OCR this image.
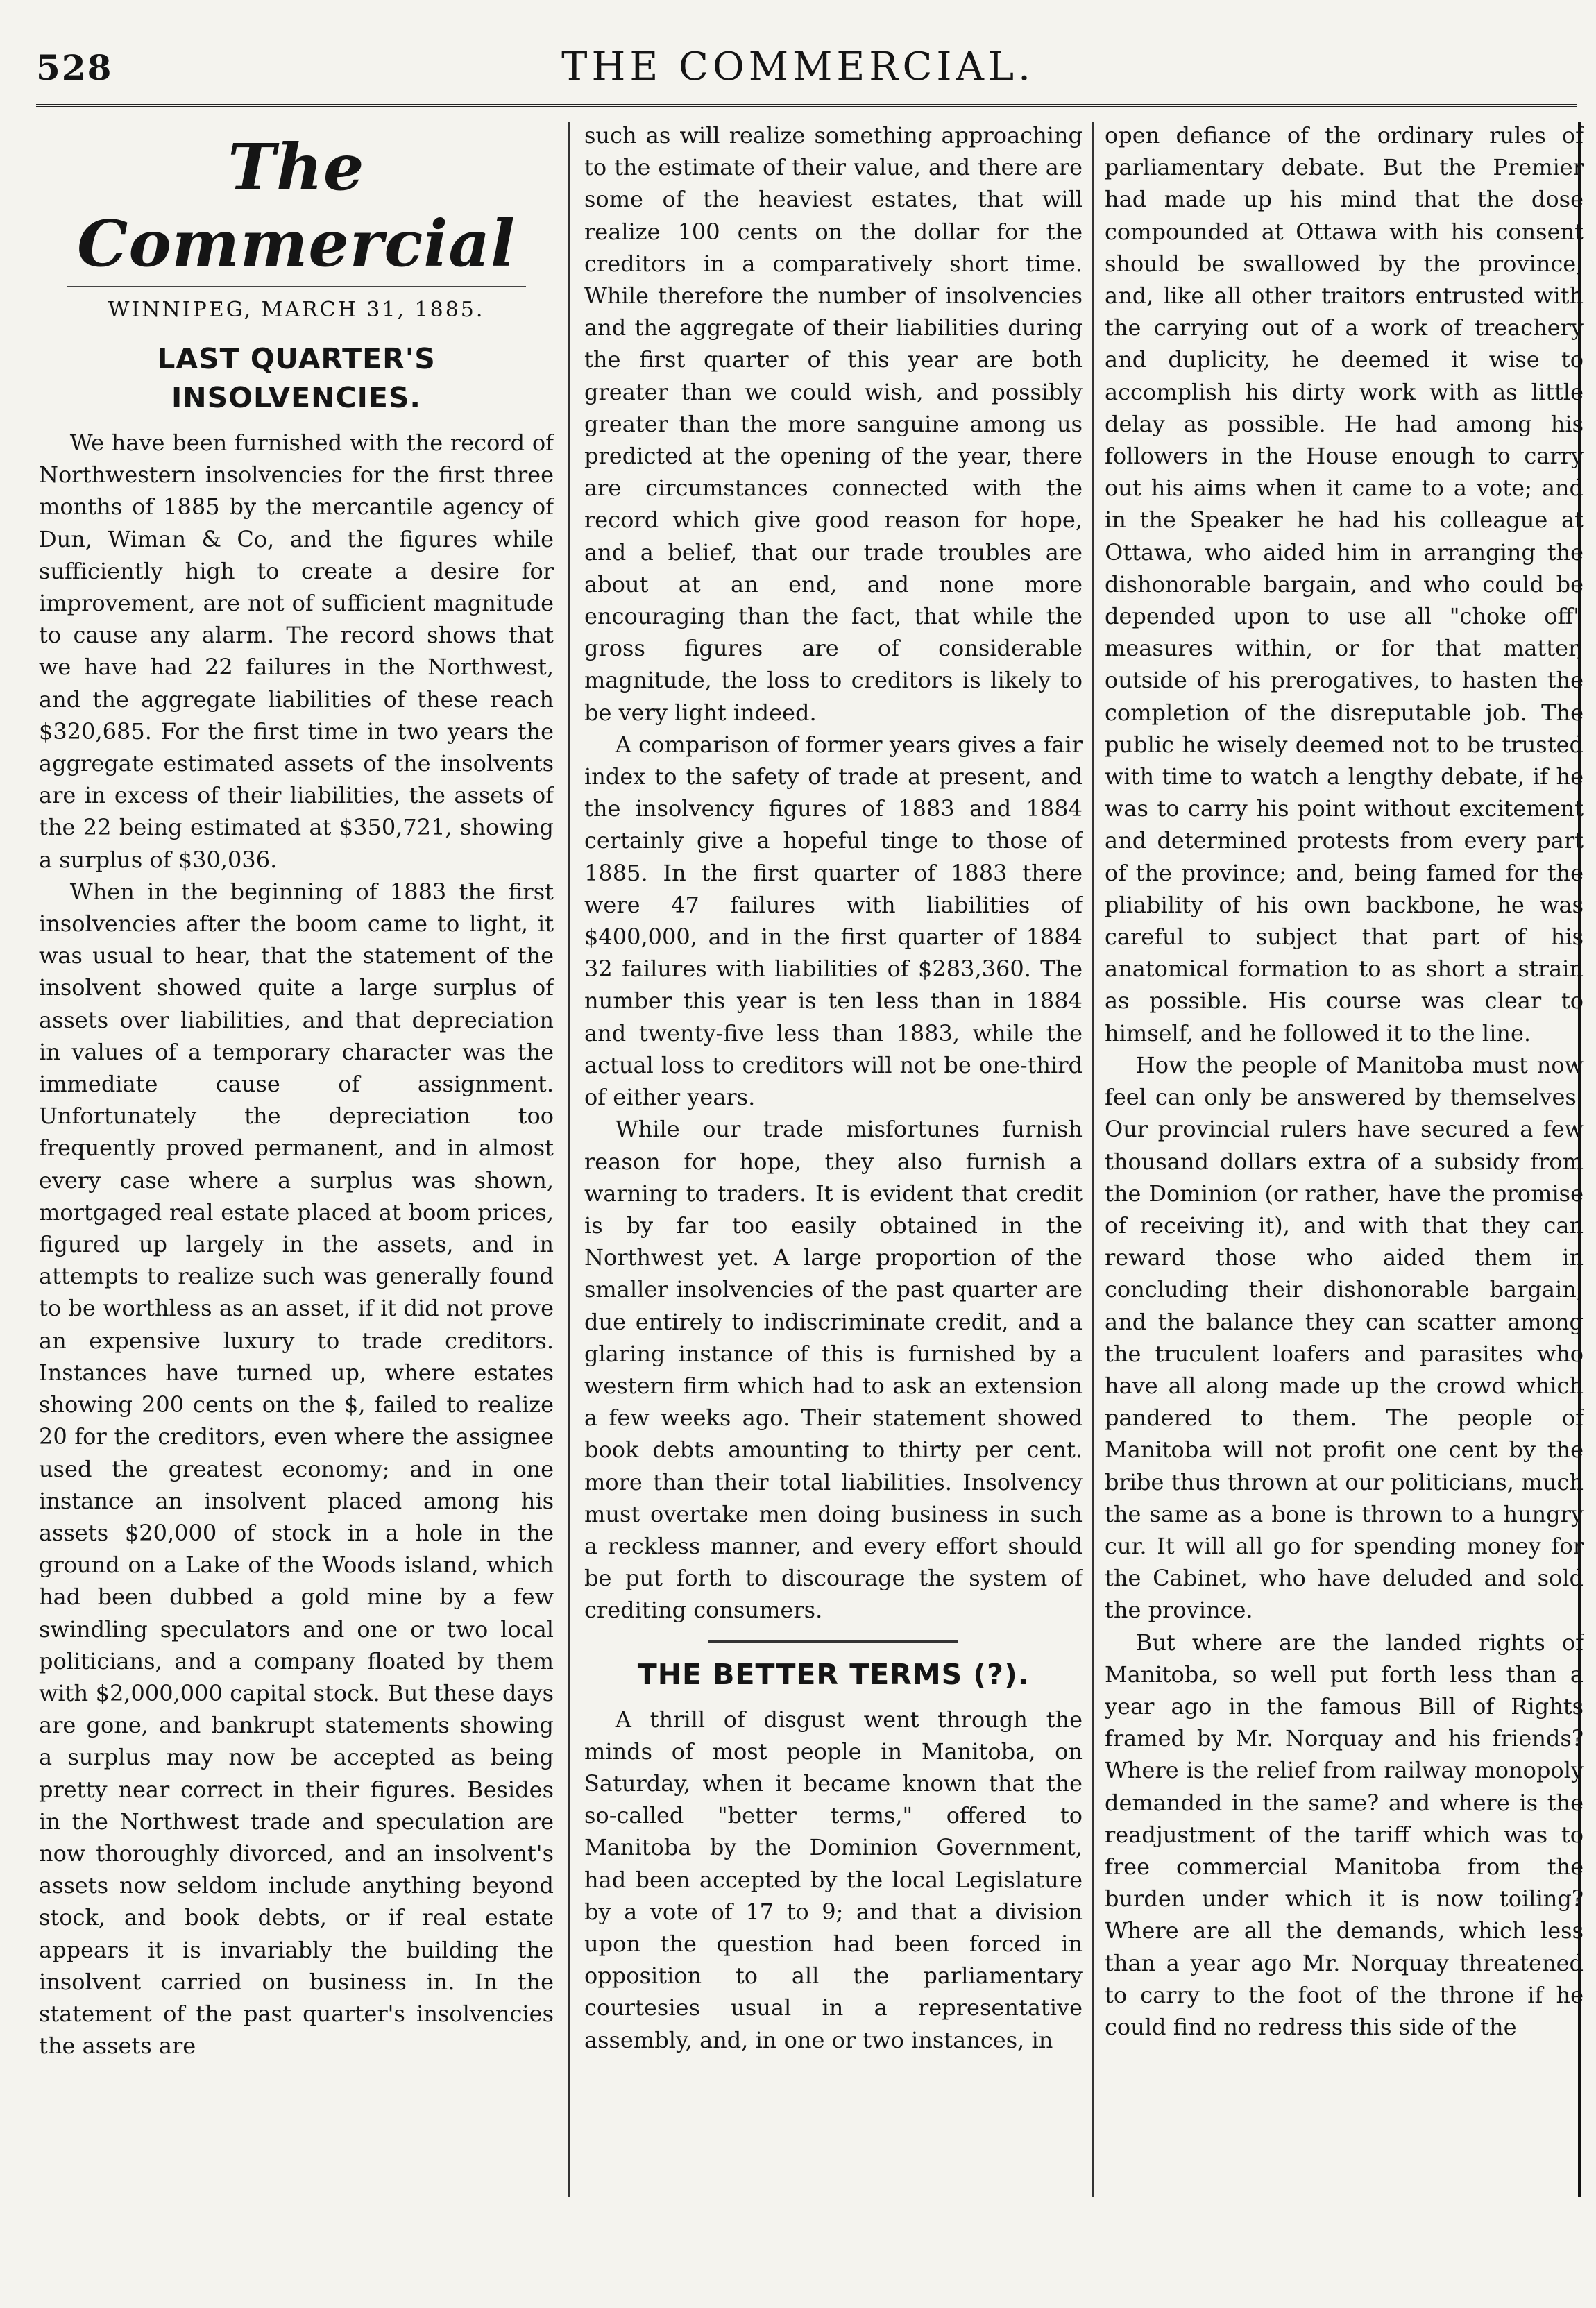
528	THE COMMERCIAL.
The Commercial
WINNIPEG, MARCH 31, 1885.
LAST QUARTER'S INSOLVENCIES.

We have been furnished with the record of Northwestern insolvencies for the first three months of 1885 by the mercantile agency of Dun, Wiman & Co, and the figures while sufficiently high to create a desire for improvement, are not of sufficient magnitude to cause any alarm. The record shows that we have had 22 failures in the Northwest, and the aggregate liabilities of these reach $320,685. For the first time in two years the aggregate estimated assets of the insolvents are in excess of their liabilities, the assets of the 22 being estimated at $350,721, showing a surplus of $30,036.

When in the beginning of 1883 the first insolvencies after the boom came to light, it was usual to hear, that the statement of the insolvent showed quite a large surplus of assets over liabilities, and that depreciation in values of a temporary character was the immediate cause of assignment. Unfortunately the depreciation too frequently proved permanent, and in almost every case where a surplus was shown, mortgaged real estate placed at boom prices, figured up largely in the assets, and in attempts to realize such was generally found to be worthless as an asset, if it did not prove an expensive luxury to trade creditors. Instances have turned up, where estates showing 200 cents on the $, failed to realize 20 for the creditors, even where the assignee used the greatest economy; and in one instance an insolvent placed among his assets $20,000 of stock in a hole in the ground on a Lake of the Woods island, which had been dubbed a gold mine by a few swindling speculators and one or two local politicians, and a company floated by them with $2,000,000 capital stock. But these days are gone, and bankrupt statements showing a surplus may now be accepted as being pretty near correct in their figures. Besides in the Northwest trade and speculation are now thoroughly divorced, and an insolvent's assets now seldom include anything beyond stock, and book debts, or if real estate appears it is invariably the building the insolvent carried on business in. In the statement of the past quarter's insolvencies the assets are

such as will realize something approaching to the estimate of their value, and there are some of the heaviest estates, that will realize 100 cents on the dollar for the creditors in a comparatively short time. While therefore the number of insolvencies and the aggregate of their liabilities during the first quarter of this year are both greater than we could wish, and possibly greater than the more sanguine among us predicted at the opening of the year, there are circumstances connected with the record which give good reason for hope, and a belief, that our trade troubles are about at an end, and none more encouraging than the fact, that while the gross figures are of considerable magnitude, the loss to creditors is likely to be very light indeed.

A comparison of former years gives a fair index to the safety of trade at present, and the insolvency figures of 1883 and 1884 certainly give a hopeful tinge to those of 1885. In the first quarter of 1883 there were 47 failures with liabilities of $400,000, and in the first quarter of 1884 32 failures with liabilities of $283,360. The number this year is ten less than in 1884 and twenty-five less than 1883, while the actual loss to creditors will not be one-third of either years.

While our trade misfortunes furnish reason for hope, they also furnish a warning to traders. It is evident that credit is by far too easily obtained in the Northwest yet. A large proportion of the smaller insolvencies of the past quarter are due entirely to indiscriminate credit, and a glaring instance of this is furnished by a western firm which had to ask an extension a few weeks ago. Their statement showed book debts amounting to thirty per cent. more than their total liabilities. Insolvency must overtake men doing business in such a reckless manner, and every effort should be put forth to discourage the system of crediting consumers.

THE BETTER TERMS (?).

A thrill of disgust went through the minds of most people in Manitoba, on Saturday, when it became known that the so-called "better terms," offered to Manitoba by the Dominion Government, had been accepted by the local Legislature by a vote of 17 to 9; and that a division upon the question had been forced in opposition to all the parliamentary courtesies usual in a representative assembly, and, in one or two instances, in

open defiance of the ordinary rules of parliamentary debate. But the Premier had made up his mind that the dose compounded at Ottawa with his consent should be swallowed by the province; and, like all other traitors entrusted with the carrying out of a work of treachery and duplicity, he deemed it wise to accomplish his dirty work with as little delay as possible. He had among his followers in the House enough to carry out his aims when it came to a vote; and in the Speaker he had his colleague at Ottawa, who aided him in arranging the dishonorable bargain, and who could be depended upon to use all "choke off" measures within, or for that matter, outside of his prerogatives, to hasten the completion of the disreputable job. The public he wisely deemed not to be trusted with time to watch a lengthy debate, if he was to carry his point without excitement and determined protests from every part of the province; and, being famed for the pliability of his own backbone, he was careful to subject that part of his anatomical formation to as short a strain as possible. His course was clear to himself, and he followed it to the line.

How the people of Manitoba must now feel can only be answered by themselves. Our provincial rulers have secured a few thousand dollars extra of a subsidy from the Dominion (or rather, have the promise of receiving it), and with that they can reward those who aided them in concluding their dishonorable bargain, and the balance they can scatter among the truculent loafers and parasites who have all along made up the crowd which pandered to them. The people of Manitoba will not profit one cent by the bribe thus thrown at our politicians, much the same as a bone is thrown to a hungry cur. It will all go for spending money for the Cabinet, who have deluded and sold the province.

But where are the landed rights of Manitoba, so well put forth less than a year ago in the famous Bill of Rights framed by Mr. Norquay and his friends? Where is the relief from railway monopoly demanded in the same? and where is the readjustment of the tariff which was to free commercial Manitoba from the burden under which it is now toiling? Where are all the demands, which less than a year ago Mr. Norquay threatened to carry to the foot of the throne if he could find no redress this side of the
